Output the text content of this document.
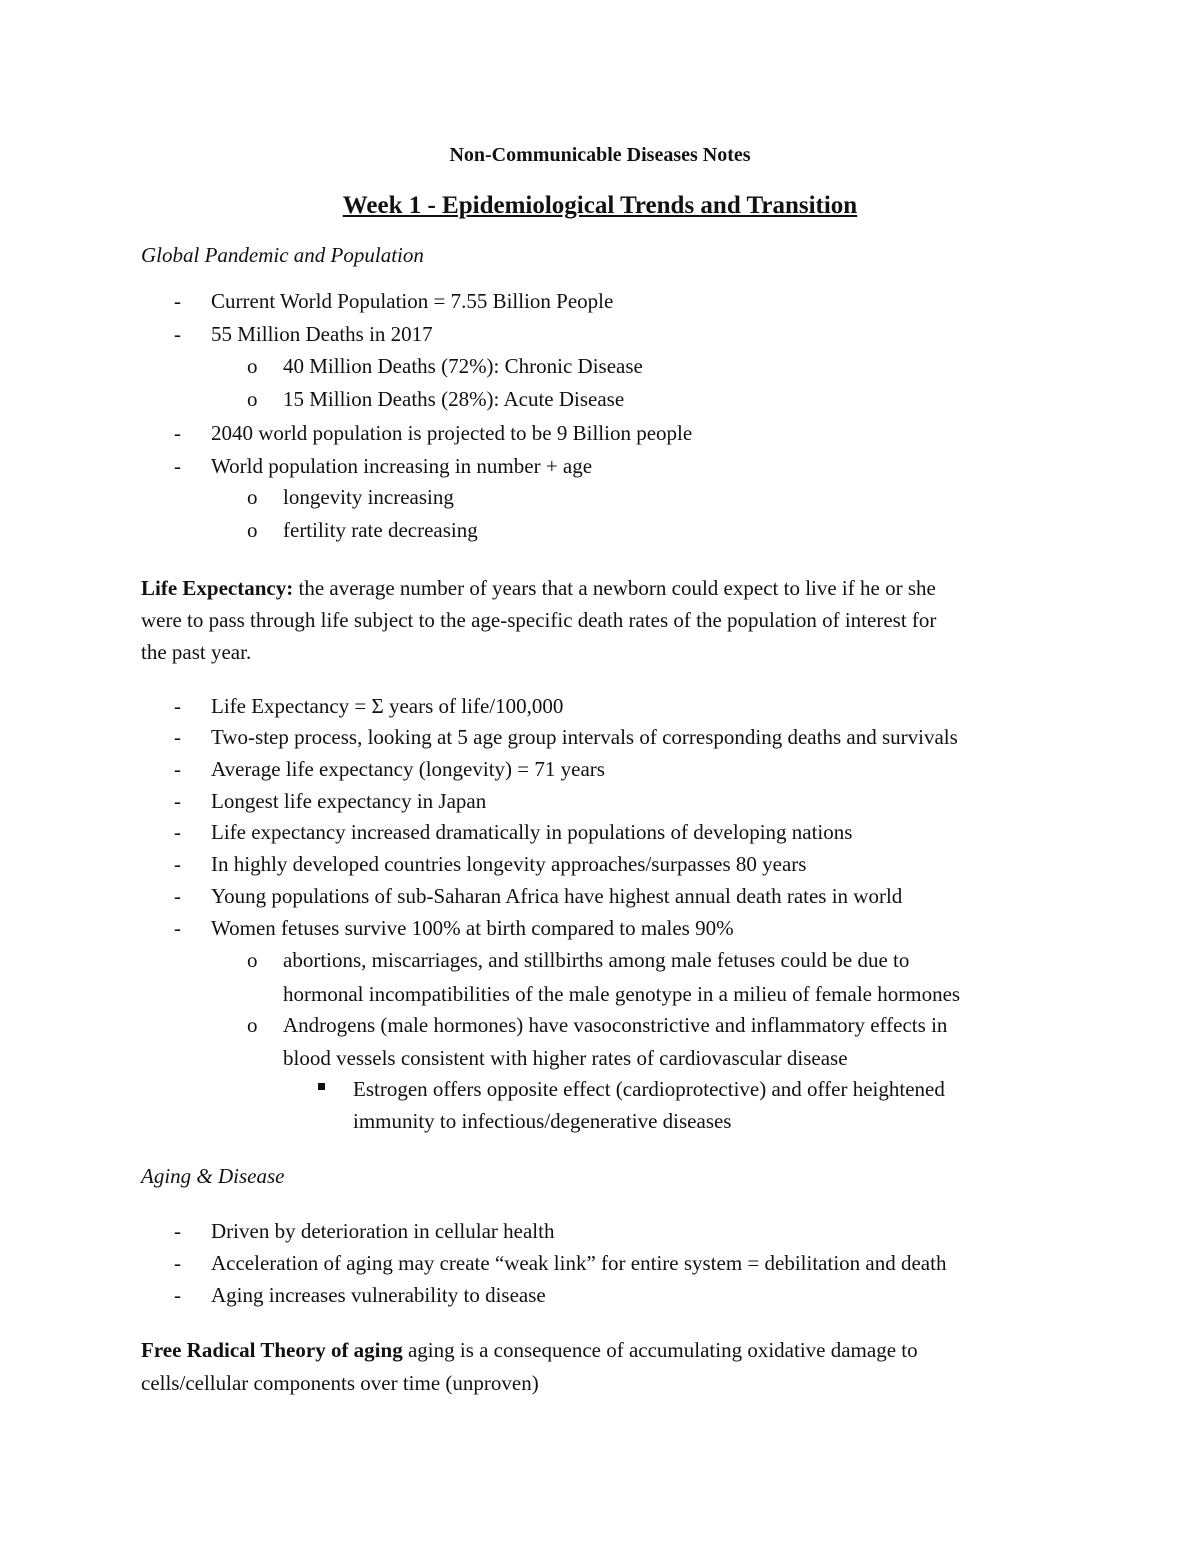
Non-Communicable Diseases Notes
Week 1 - Epidemiological Trends and Transition
Global Pandemic and Population
- Current World Population = 7.55 Billion People
- 55 Million Deaths in 2017
o 40 Million Deaths (72%): Chronic Disease
o 15 Million Deaths (28%): Acute Disease
- 2040 world population is projected to be 9 Billion people
- World population increasing in number + age
o longevity increasing
o fertility rate decreasing
Life Expectancy: the average number of years that a newborn could expect to live if he or she
were to pass through life subject to the age-specific death rates of the population of interest for
the past year.
- Life Expectancy = Σ years of life/100,000
- Two-step process, looking at 5 age group intervals of corresponding deaths and survivals
- Average life expectancy (longevity) = 71 years
- Longest life expectancy in Japan
- Life expectancy increased dramatically in populations of developing nations
- In highly developed countries longevity approaches/surpasses 80 years
- Young populations of sub-Saharan Africa have highest annual death rates in world
- Women fetuses survive 100% at birth compared to males 90%
o abortions, miscarriages, and stillbirths among male fetuses could be due to
hormonal incompatibilities of the male genotype in a milieu of female hormones
o Androgens (male hormones) have vasoconstrictive and inflammatory effects in
blood vessels consistent with higher rates of cardiovascular disease
Estrogen offers opposite effect (cardioprotective) and offer heightened
immunity to infectious/degenerative diseases
Aging & Disease
- Driven by deterioration in cellular health
- Acceleration of aging may create “weak link” for entire system = debilitation and death
- Aging increases vulnerability to disease
Free Radical Theory of aging aging is a consequence of accumulating oxidative damage to
cells/cellular components over time (unproven)
